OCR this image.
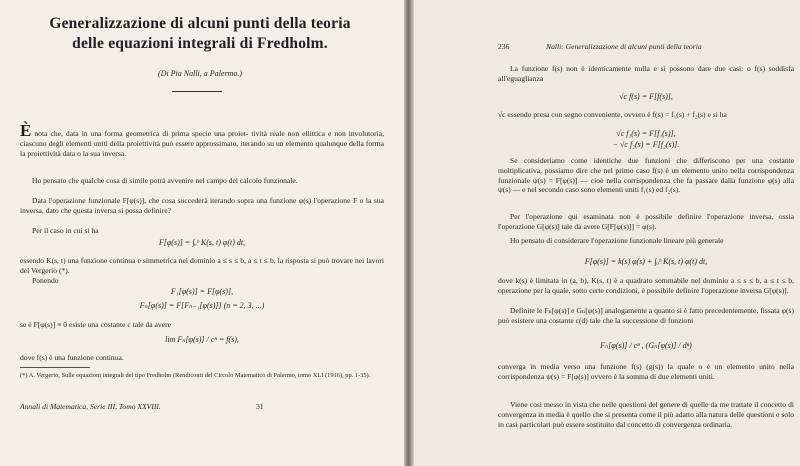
Generalizzazione di alcuni punti della teoria
delle equazioni integrali di Fredholm.
(Di Pia Nalli, a Palermo.)

È nota che, data in una forma geometrica di prima specie una proiet- tività reale non ellittica e non involutoria, ciascuno degli elementi uniti della proiettività può essere approssimato, iterando su un elemento qualunque della forma la proiettività data o la sua inversa.

Ho pensato che qualche cosa di simile potrà avvenire nel campo del calcolo funzionale.

Data l'operazione funzionale F[φ(s)], che cosa succederà iterando sopra una funzione φ(s) l'operazione F o la sua inversa, dato che questa inversa si possa definire?

Per il caso in cui si ha

F[φ(s)] = ∫ₐᵇ K(s, t) φ(t) dt,

essendo K(s, t) una funzione continua e simmetrica nel dominio a ≤ s ≤ b, a ≤ t ≤ b, la risposta si può trovare nei lavori del Vergerio (*).

Ponendo

F₁[φ(s)] = F[φ(s)],
Fₙ[φ(s)] = F[Fₙ₋₁[φ(s)]] (n = 2, 3, ...)

se è F[φ(s)] ≡ 0 esiste una costante c tale da avere

lim Fₙ[φ(s)] / cⁿ = f(s),

dove f(s) è una funzione continua.

(*) A. Vergerio, Sulle equazioni integrali del tipo Fredholm (Rendiconti del Circolo Matematico di Palermo, tomo XLI (1916), pp. 1-35).
Annali di Matematica, Serie III, Tomo XXVIII.	31
236	Nalli: Generalizzazione di alcuni punti della teoria

La funzione f(s) non è identicamente nulla e si possono dare due casi: o f(s) soddisfa all'eguaglianza

√c f(s) = F[f(s)],

√c essendo presa con segno conveniente, ovvero è f(s) = f₁(s) + f₂(s) e si ha

√c f₁(s) = F[f₁(s)],
− √c f₂(s) = F[f₂(s)].

Se consideriamo come identiche due funzioni che differiscono per una costante moltiplicativa, possiamo dire che nel primo caso f(s) è un elemento unito nella corrispondenza funzionale ψ(s) = F[φ(s)] — cioè nella corrispondenza che fa passare dalla funzione φ(s) alla ψ(s) — e nel secondo caso sono elementi uniti f₁(s) ed f₂(s).

Per l'operazione qui esaminata non è possibile definire l'operazione inversa, ossia l'operazione G[φ(s)] tale da avere G[F[φ(s)]] = φ(s).

Ho pensato di considerare l'operazione funzionale lineare più generale

F[φ(s)] = k(s) φ(s) + ∫ₐᵇ K(s, t) φ(t) dt,

dove k(s) è limitata in (a, b), K(s, t) è a quadrato sommabile nel dominio a ≤ s ≤ b, a ≤ t ≤ b, operazione per la quale, sotto certe condizioni, è possibile definire l'operazione inversa G[φ(s)].

Definite le Fₙ[φ(s)] e Gₙ[φ(s)] analogamente a quanto si è fatto precedentemente, fissata φ(s) può esistere una costante c(d) tale che la successione di funzioni

Fₙ[φ(s)] / cⁿ , (Gₙ[φ(s)] / dⁿ)

converga in media verso una funzione f(s) (g(s)) la quale o è un elemento unito nella corrispondenza ψ(s) = F[φ(s)] ovvero è la somma di due elementi uniti.

Viene così messo in vista che nelle questioni del genere di quelle da me trattate il concetto di convergenza in media è quello che si presenta come il più adatto alla natura delle questioni e solo in casi particolari può essere sostituito dal concetto di convergenza ordinaria.
